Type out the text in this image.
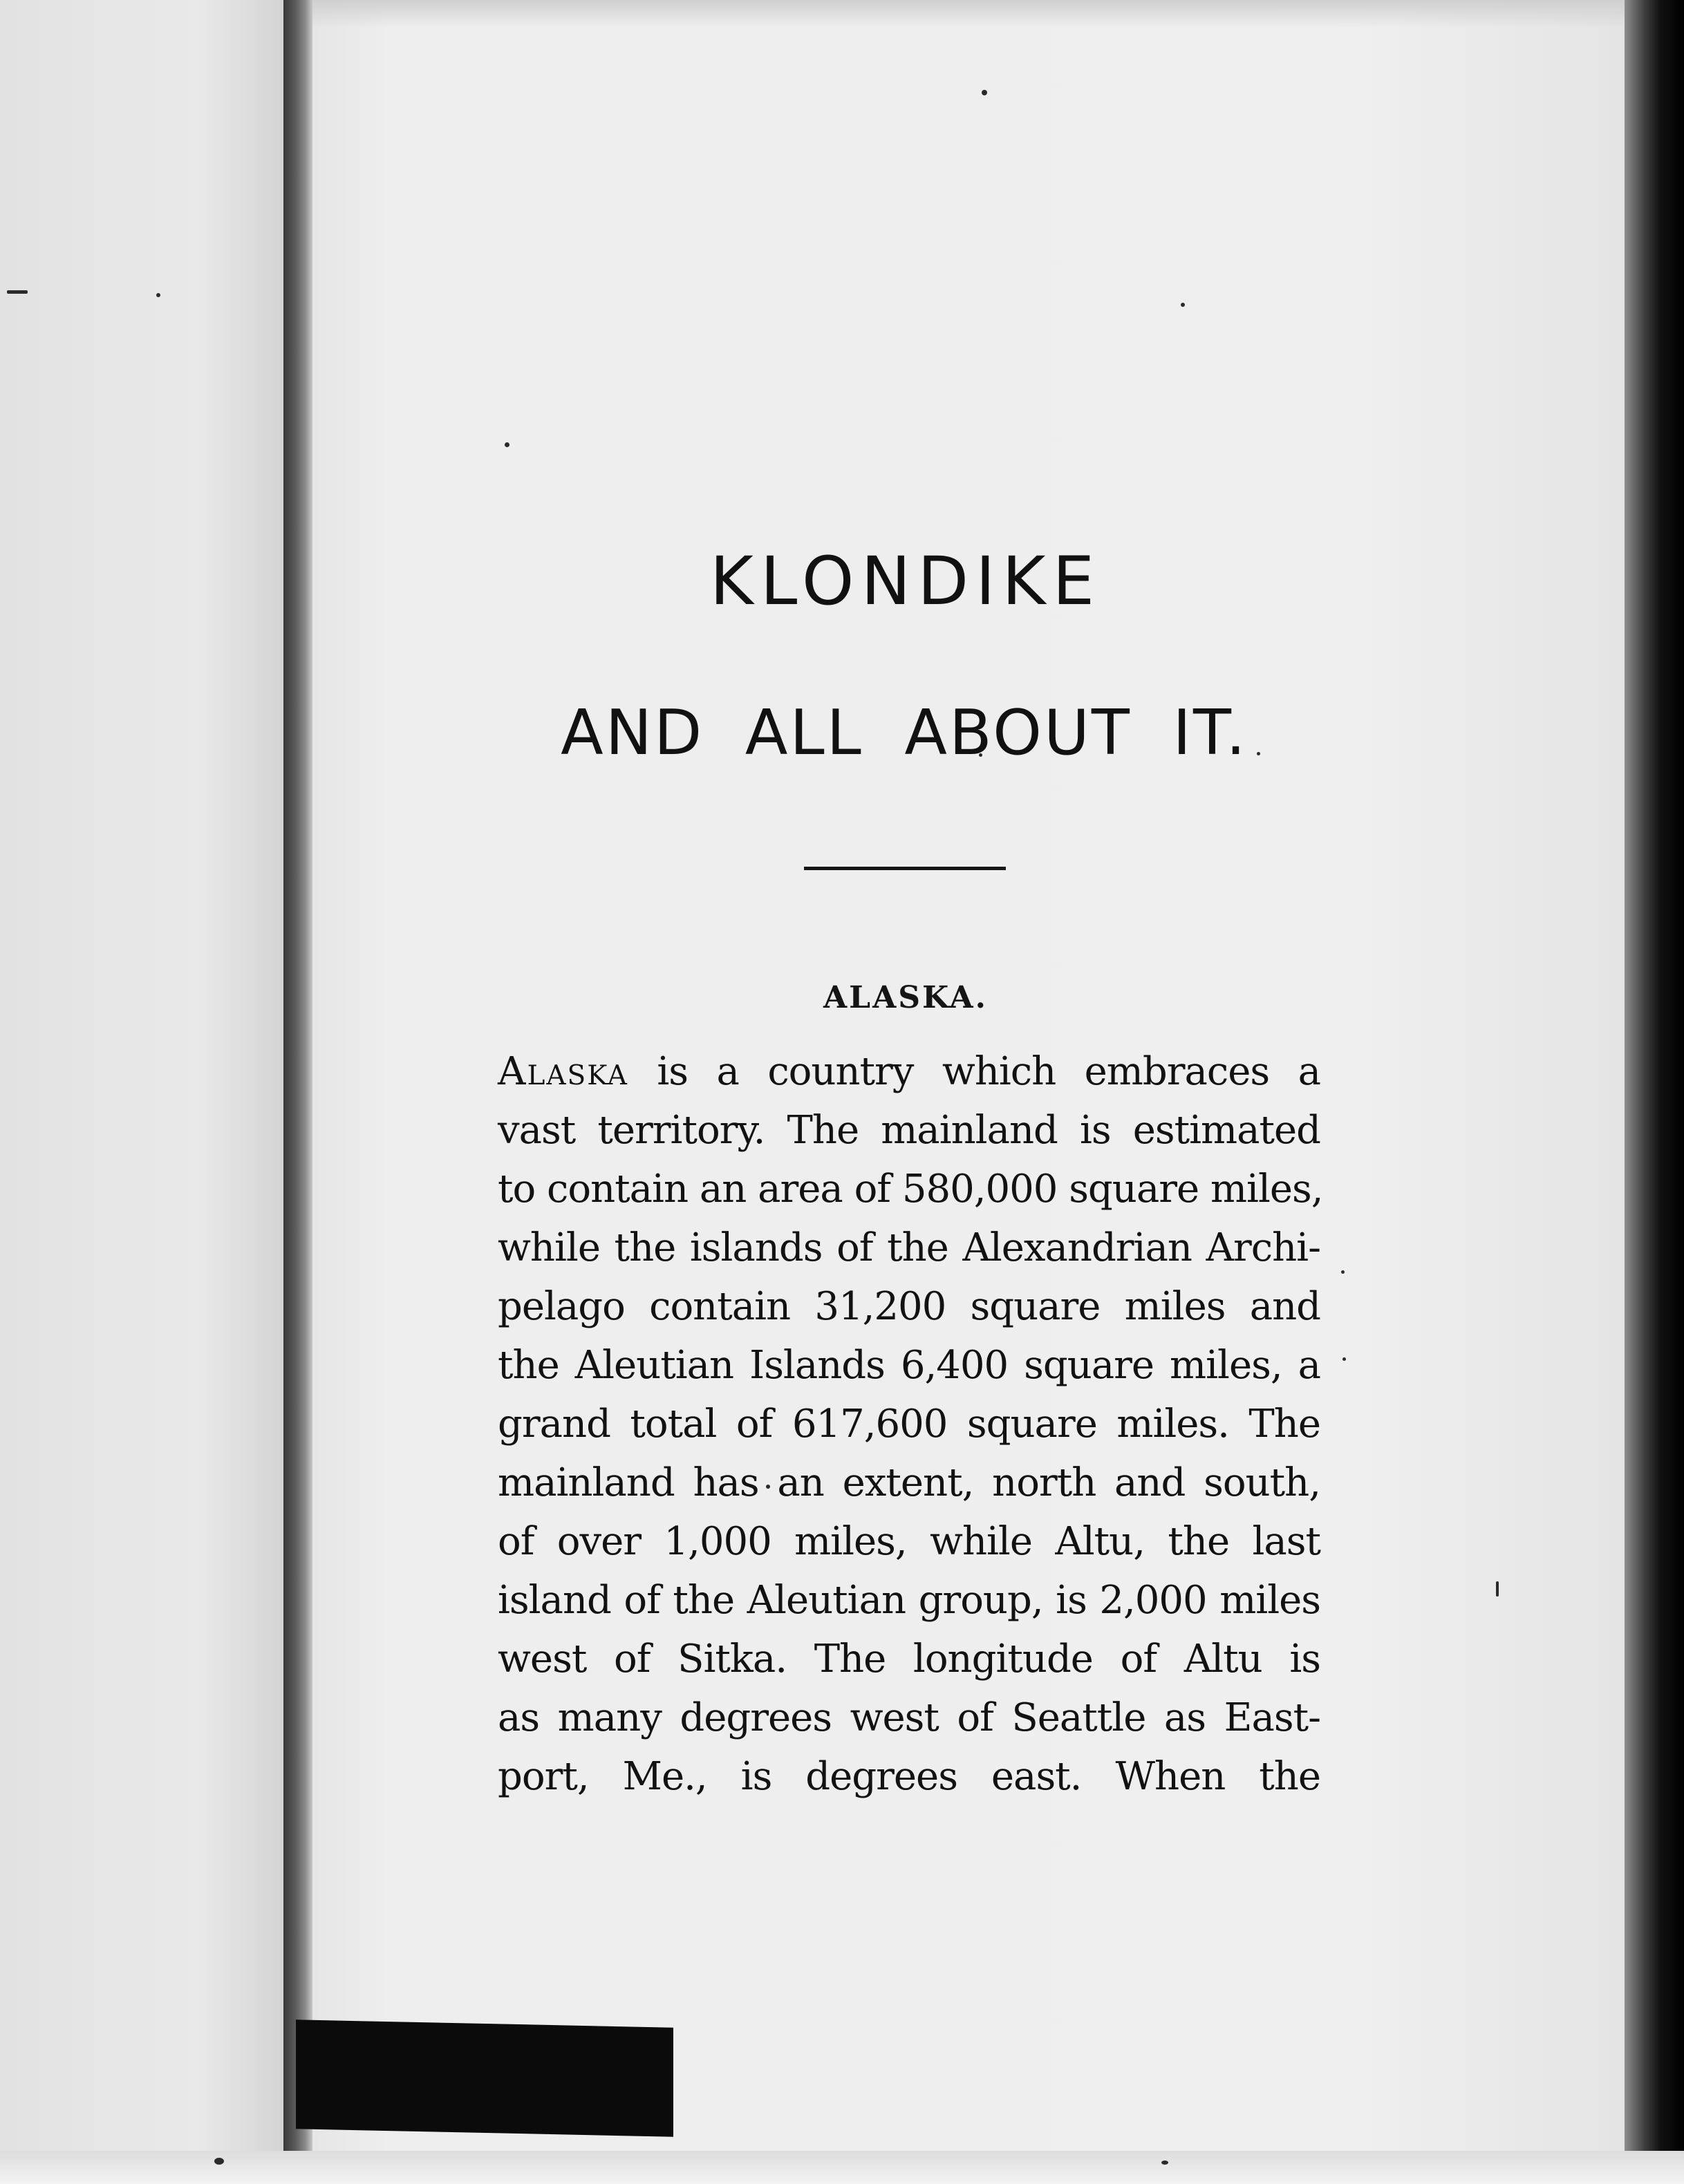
KLONDIKE
AND ALL ABOUT IT.
ALASKA.
Alaska is a country which embraces a
vast territory. The mainland is estimated
to contain an area of 580,000 square miles,
while the islands of the Alexandrian Archi-
pelago contain 31,200 square miles and
the Aleutian Islands 6,400 square miles, a
grand total of 617,600 square miles. The
mainland has an extent, north and south,
of over 1,000 miles, while Altu, the last
island of the Aleutian group, is 2,000 miles
west of Sitka. The longitude of Altu is
as many degrees west of Seattle as East-
port, Me., is degrees east. When the
